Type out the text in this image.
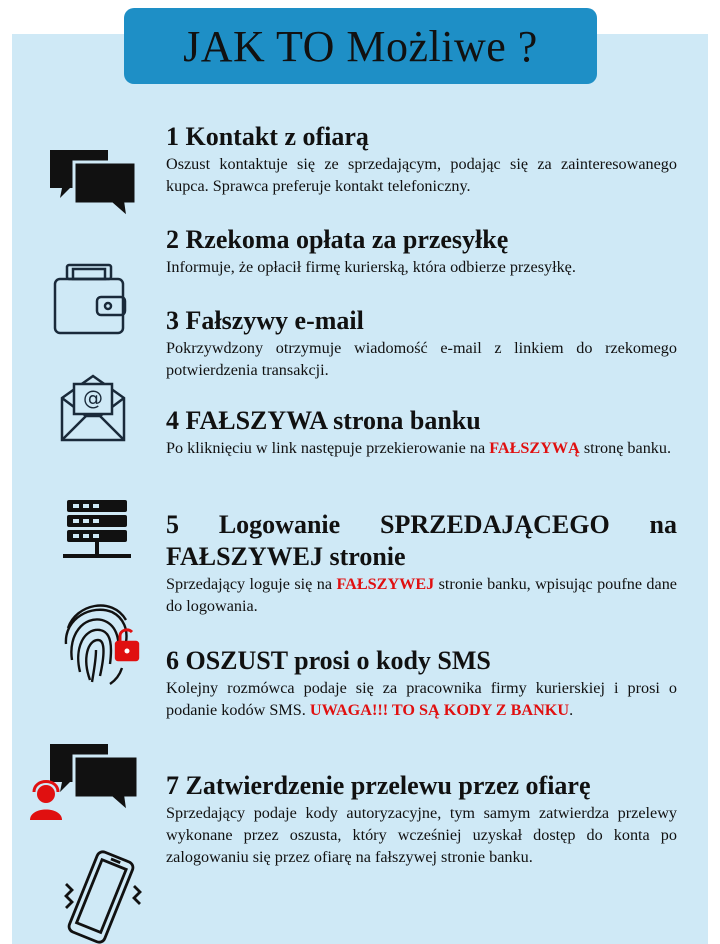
JAK TO Możliwe ?
@
1 Kontakt z ofiarą

Oszust kontaktuje się ze sprzedającym, podając się za zainteresowanego kupca. Sprawca preferuje kontakt telefoniczny.

2 Rzekoma opłata za przesyłkę

Informuje, że opłacił firmę kurierską, która odbierze przesyłkę.

3 Fałszywy e-mail

Pokrzywdzony otrzymuje wiadomość e-mail z linkiem do rzekomego potwierdzenia transakcji.

4 FAŁSZYWA strona banku

Po kliknięciu w link następuje przekierowanie na FAŁSZYWĄ stronę banku.

5 Logowanie SPRZEDAJĄCEGO na FAŁSZYWEJ stronie

Sprzedający loguje się na FAŁSZYWEJ stronie banku, wpisując poufne dane do logowania.

6 OSZUST prosi o kody SMS

Kolejny rozmówca podaje się za pracownika firmy kurierskiej i prosi o podanie kodów SMS. UWAGA!!! TO SĄ KODY Z BANKU.

7 Zatwierdzenie przelewu przez ofiarę

Sprzedający podaje kody autoryzacyjne, tym samym zatwierdza przelewy wykonane przez oszusta, który wcześniej uzyskał dostęp do konta po zalogowaniu się przez ofiarę na fałszywej stronie banku.
